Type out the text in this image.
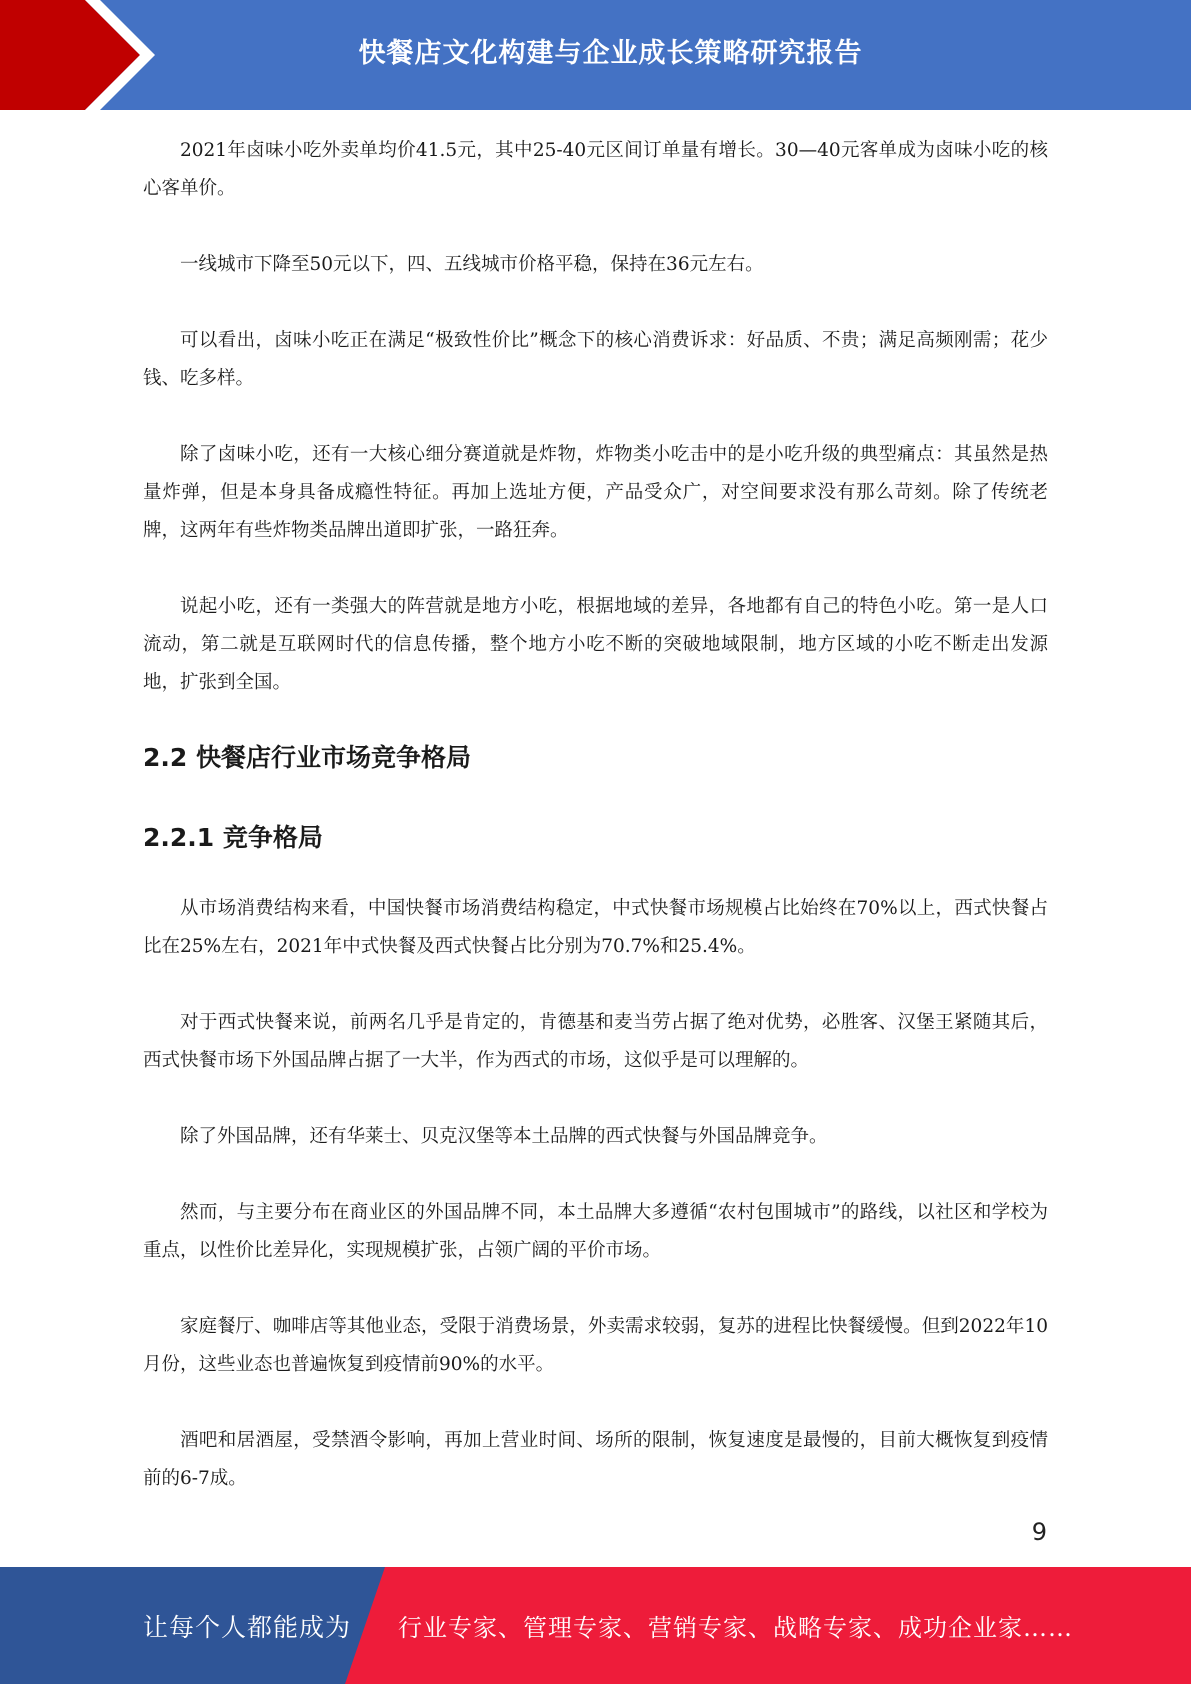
快餐店文化构建与企业成长策略研究报告

2021年卤味小吃外卖单均价41.5元，其中25-40元区间订单量有增长。30—40元客单成为卤味小吃的核心客单价。

一线城市下降至50元以下，四、五线城市价格平稳，保持在36元左右。

可以看出，卤味小吃正在满足“极致性价比”概念下的核心消费诉求：好品质、不贵；满足高频刚需；花少钱、吃多样。

除了卤味小吃，还有一大核心细分赛道就是炸物，炸物类小吃击中的是小吃升级的典型痛点：其虽然是热量炸弹，但是本身具备成瘾性特征。再加上选址方便，产品受众广，对空间要求没有那么苛刻。除了传统老牌，这两年有些炸物类品牌出道即扩张，一路狂奔。

说起小吃，还有一类强大的阵营就是地方小吃，根据地域的差异，各地都有自己的特色小吃。第一是人口流动，第二就是互联网时代的信息传播，整个地方小吃不断的突破地域限制，地方区域的小吃不断走出发源地，扩张到全国。

2.2 快餐店行业市场竞争格局
2.2.1 竞争格局

从市场消费结构来看，中国快餐市场消费结构稳定，中式快餐市场规模占比始终在70%以上，西式快餐占比在25%左右，2021年中式快餐及西式快餐占比分别为70.7%和25.4%。

对于西式快餐来说，前两名几乎是肯定的，肯德基和麦当劳占据了绝对优势，必胜客、汉堡王紧随其后，西式快餐市场下外国品牌占据了一大半，作为西式的市场，这似乎是可以理解的。

除了外国品牌，还有华莱士、贝克汉堡等本土品牌的西式快餐与外国品牌竞争。

然而，与主要分布在商业区的外国品牌不同，本土品牌大多遵循“农村包围城市”的路线，以社区和学校为重点，以性价比差异化，实现规模扩张，占领广阔的平价市场。

家庭餐厅、咖啡店等其他业态，受限于消费场景，外卖需求较弱，复苏的进程比快餐缓慢。但到2022年10月份，这些业态也普遍恢复到疫情前90%的水平。

酒吧和居酒屋，受禁酒令影响，再加上营业时间、场所的限制，恢复速度是最慢的，目前大概恢复到疫情前的6-7成。

9
让每个人都能成为 行业专家、管理专家、营销专家、战略专家、成功企业家……
